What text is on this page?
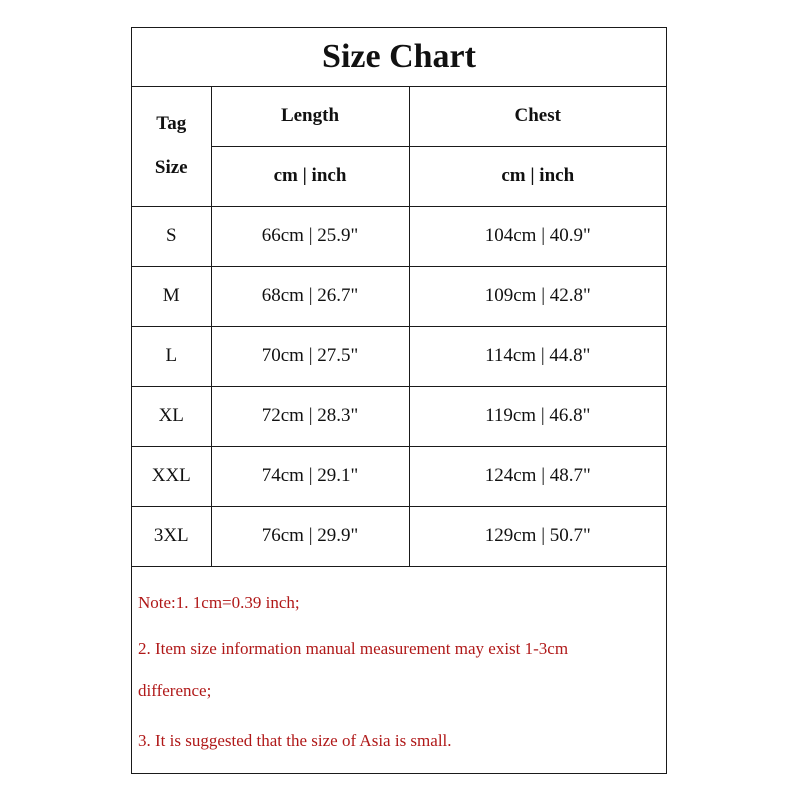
Size Chart
Tag
Size	Length	Chest
	cm | inch	cm | inch
S	66cm | 25.9"	104cm | 40.9"
M	68cm | 26.7"	109cm | 42.8"
L	70cm | 27.5"	114cm | 44.8"
XL	72cm | 28.3"	119cm | 46.8"
XXL	74cm | 29.1"	124cm | 48.7"
3XL	76cm | 29.9"	129cm | 50.7"
Note:1. 1cm=0.39 inch;
2. Item size information manual measurement may exist 1-3cm
difference;
3. It is suggested that the size of Asia is small.
